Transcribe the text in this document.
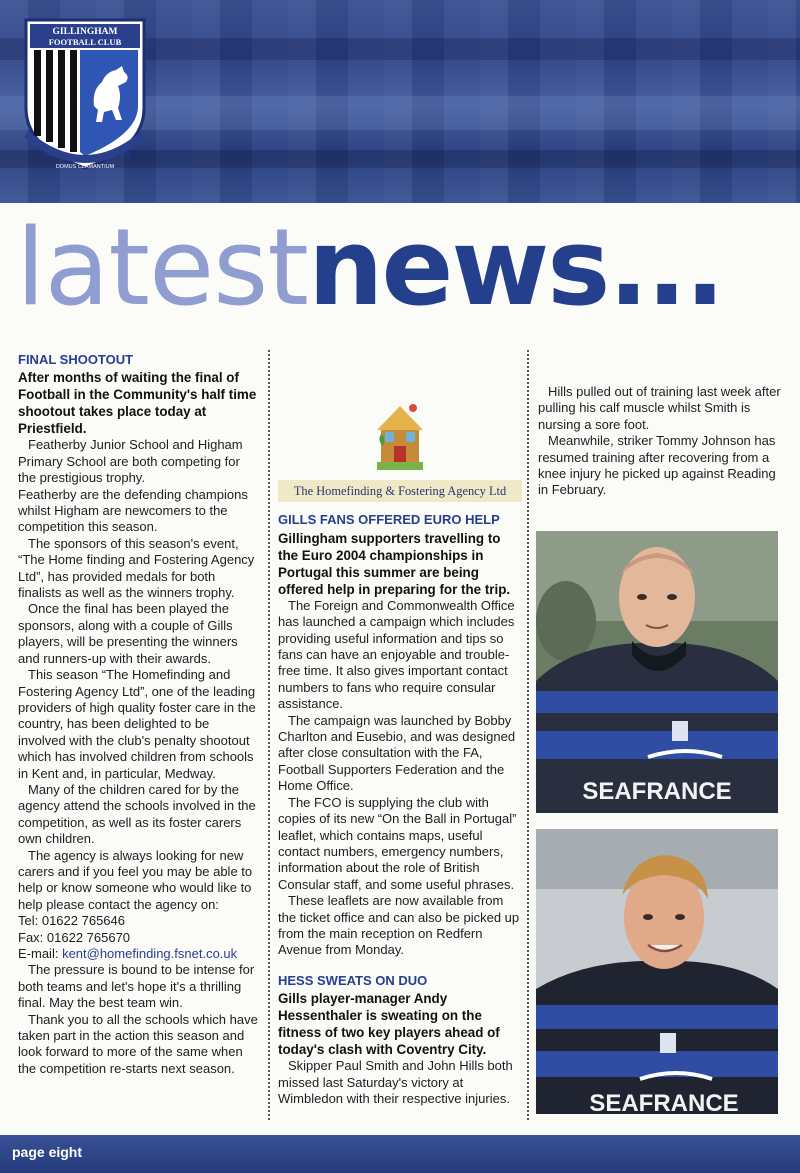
GILLINGHAM
FOOTBALL CLUB
EST	1893
DOMUS CLAMANTIUM
latestnews...
FINAL SHOOTOUT

After months of waiting the final of Football in the Community's half time shootout takes place today at Priestfield.

Featherby Junior School and Higham Primary School are both competing for the prestigious trophy.

Featherby are the defending champions whilst Higham are newcomers to the competition this season.

The sponsors of this season's event, “The Home finding and Fostering Agency Ltd”, has provided medals for both finalists as well as the winners trophy.

Once the final has been played the sponsors, along with a couple of Gills players, will be presenting the winners and runners-up with their awards.

This season “The Homefinding and Fostering Agency Ltd”, one of the leading providers of high quality foster care in the country, has been delighted to be involved with the club's penalty shootout which has involved children from schools in Kent and, in particular, Medway.

Many of the children cared for by the agency attend the schools involved in the competition, as well as its foster carers own children.

The agency is always looking for new carers and if you feel you may be able to help or know someone who would like to help please contact the agency on:

Tel: 01622 765646

Fax: 01622 765670

E-mail: kent@homefinding.fsnet.co.uk

The pressure is bound to be intense for both teams and let's hope it's a thrilling final. May the best team win.

Thank you to all the schools which have taken part in the action this season and look forward to more of the same when the competition re-starts next season.

The Homefinding & Fostering Agency Ltd
GILLS FANS OFFERED EURO HELP

Gillingham supporters travelling to the Euro 2004 championships in Portugal this summer are being offered help in preparing for the trip.

The Foreign and Commonwealth Office has launched a campaign which includes providing useful information and tips so fans can have an enjoyable and trouble-free time. It also gives important contact numbers to fans who require consular assistance.

The campaign was launched by Bobby Charlton and Eusebio, and was designed after close consultation with the FA, Football Supporters Federation and the Home Office.

The FCO is supplying the club with copies of its new “On the Ball in Portugal” leaflet, which contains maps, useful contact numbers, emergency numbers, information about the role of British Consular staff, and some useful phrases.

These leaflets are now available from the ticket office and can also be picked up from the main reception on Redfern Avenue from Monday.

HESS SWEATS ON DUO

Gills player-manager Andy Hessenthaler is sweating on the fitness of two key players ahead of today's clash with Coventry City.

Skipper Paul Smith and John Hills both missed last Saturday's victory at Wimbledon with their respective injuries.

Hills pulled out of training last week after pulling his calf muscle whilst Smith is nursing a sore foot.

Meanwhile, striker Tommy Johnson has resumed training after recovering from a knee injury he picked up against Reading in February.

SEAFRANCE
SEAFRANCE
page eight
